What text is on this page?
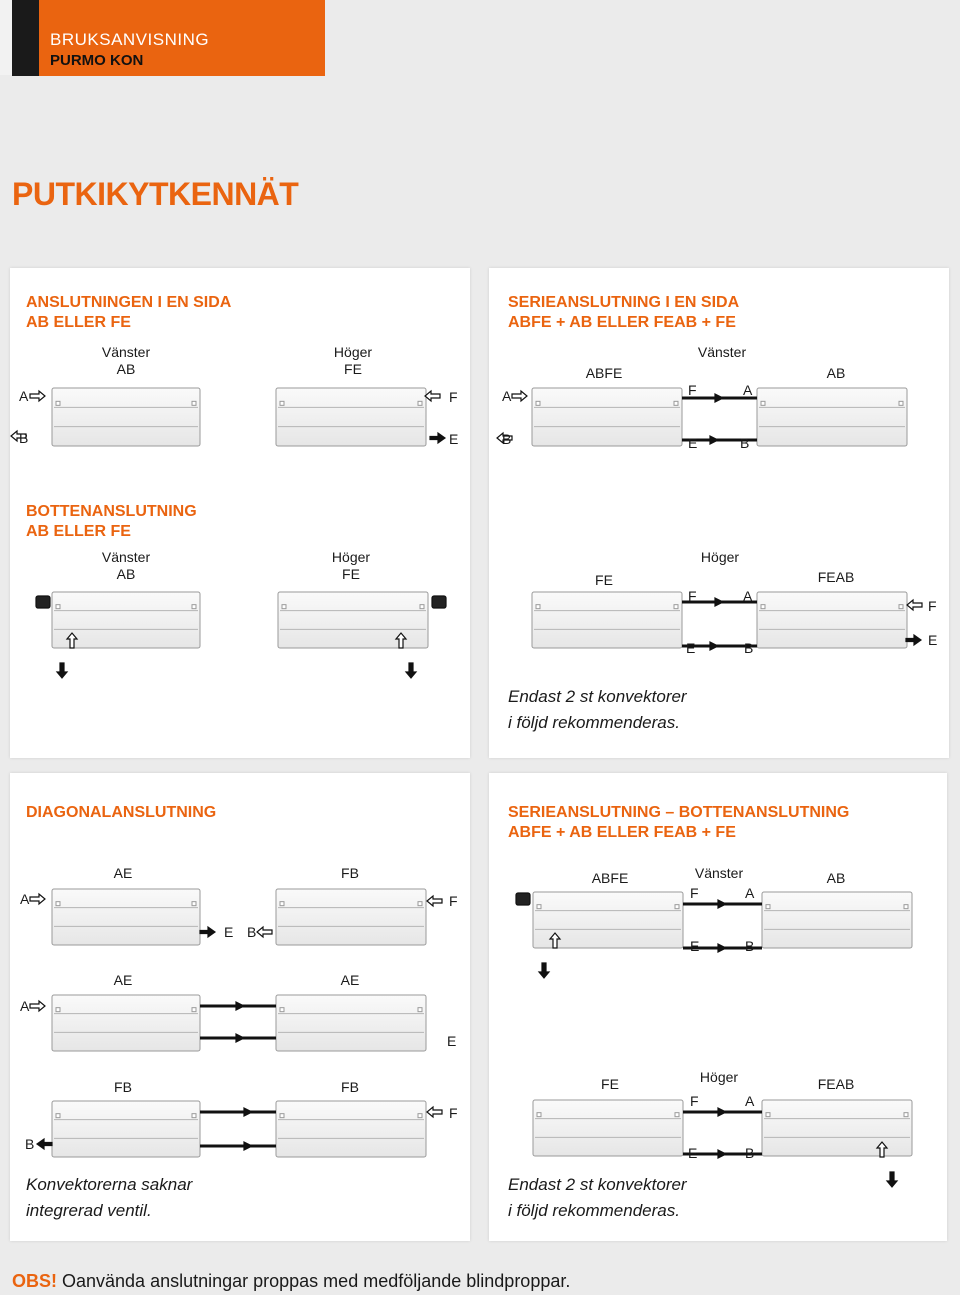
BRUKSANVISNING
PURMO KON
PUTKIKYTKENNÄT
ANSLUTNINGEN I EN SIDA
AB ELLER FE
Vänster
AB
Höger
FE
A
B
F
E
BOTTENANSLUTNING
AB ELLER FE
Vänster
AB
Höger
FE
SERIEANSLUTNING I EN SIDA
ABFE + AB ELLER FEAB + FE
Vänster
ABFE	AB
A	F	A
B	E	B
Höger
FE	FEAB
F	A
F
E	B	E
Endast 2 st konvektorer
i följd rekommenderas.
DIAGONALANSLUTNING
AE	FB
A	F
E B
AE	AE
A
E
FB	FB
F
B
Konvektorerna saknar
integrerad ventil.
SERIEANSLUTNING – BOTTENANSLUTNING
ABFE + AB ELLER FEAB + FE
ABFE	Vänster	AB
F	A
E	B
FE	Höger	FEAB
F	A
E	B
Endast 2 st konvektorer
i följd rekommenderas.
OBS! Oanvända anslutningar proppas med medföljande blindproppar.
